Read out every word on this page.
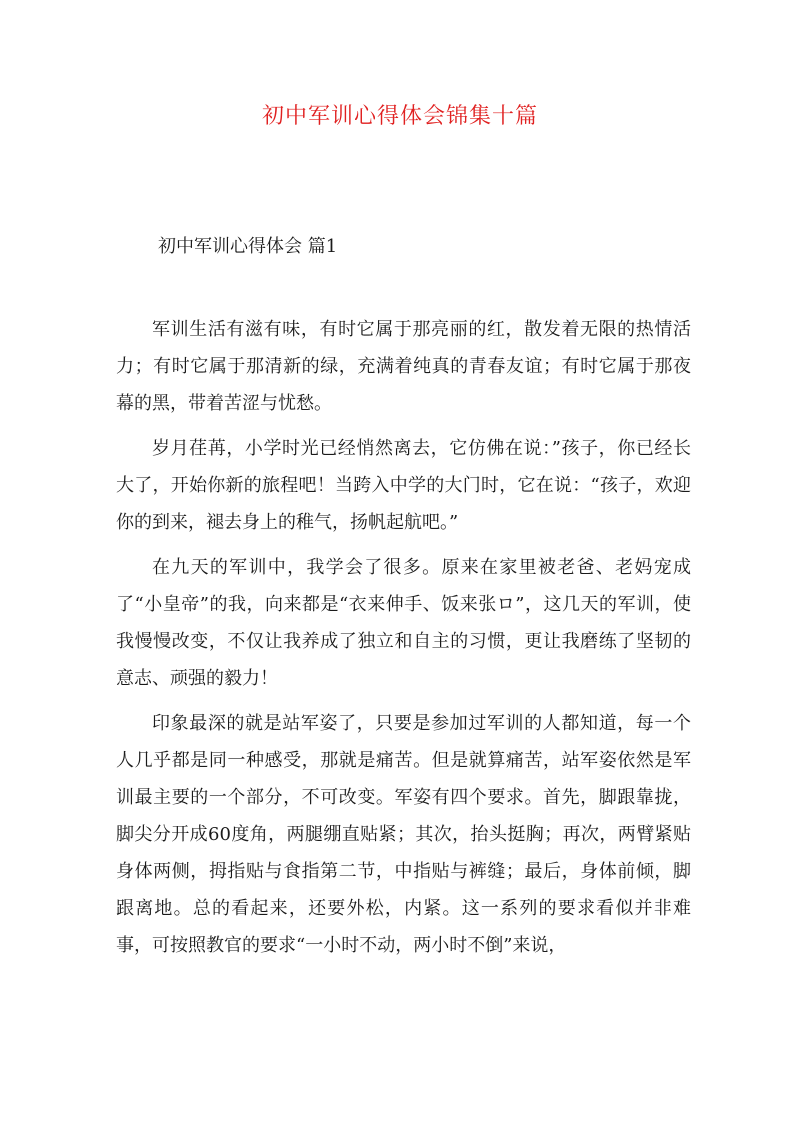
初中军训心得体会锦集十篇
初中军训心得体会 篇1

军训生活有滋有味，有时它属于那亮丽的红，散发着无限的热情活力；有时它属于那清新的绿，充满着纯真的青春友谊；有时它属于那夜幕的黑，带着苦涩与忧愁。

岁月荏苒，小学时光已经悄然离去，它仿佛在说：”孩子，你已经长大了，开始你新的旅程吧！当跨入中学的大门时，它在说：“孩子，欢迎你的到来，褪去身上的稚气，扬帆起航吧。”

在九天的军训中，我学会了很多。原来在家里被老爸、老妈宠成了“小皇帝”的我，向来都是“衣来伸手、饭来张ロ”，这几天的军训，使我慢慢改变，不仅让我养成了独立和自主的习惯，更让我磨练了坚韧的意志、顽强的毅力！

印象最深的就是站军姿了，只要是参加过军训的人都知道，每一个人几乎都是同一种感受，那就是痛苦。但是就算痛苦，站军姿依然是军训最主要的一个部分，不可改变。军姿有四个要求。首先，脚跟靠拢，脚尖分开成60度角，两腿绷直贴紧；其次，抬头挺胸；再次，两臂紧贴身体两侧，拇指贴与食指第二节，中指贴与裤缝；最后，身体前倾，脚跟离地。总的看起来，还要外松，内紧。这一系列的要求看似并非难事，可按照教官的要求“一小时不动，两小时不倒”来说，
